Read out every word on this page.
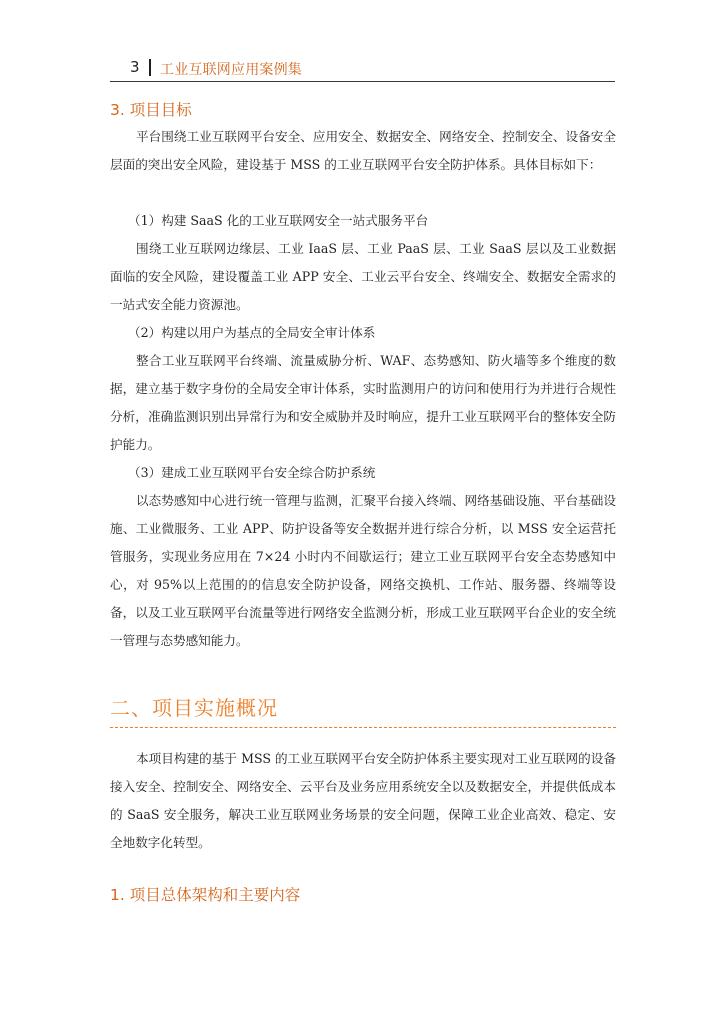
3 工业互联网应用案例集
3. 项目目标

平台围绕工业互联网平台安全、应用安全、数据安全、网络安全、控制安全、设备安全层面的突出安全风险，建设基于 MSS 的工业互联网平台安全防护体系。具体目标如下：

（1）构建 SaaS 化的工业互联网安全一站式服务平台

围绕工业互联网边缘层、工业 IaaS 层、工业 PaaS 层、工业 SaaS 层以及工业数据面临的安全风险，建设覆盖工业 APP 安全、工业云平台安全、终端安全、数据安全需求的一站式安全能力资源池。

（2）构建以用户为基点的全局安全审计体系

整合工业互联网平台终端、流量威胁分析、WAF、态势感知、防火墙等多个维度的数据，建立基于数字身份的全局安全审计体系，实时监测用户的访问和使用行为并进行合规性分析，准确监测识别出异常行为和安全威胁并及时响应，提升工业互联网平台的整体安全防护能力。

（3）建成工业互联网平台安全综合防护系统

以态势感知中心进行统一管理与监测，汇聚平台接入终端、网络基础设施、平台基础设施、工业微服务、工业 APP、防护设备等安全数据并进行综合分析，以 MSS 安全运营托管服务，实现业务应用在 7×24 小时内不间歇运行；建立工业互联网平台安全态势感知中心，对 95%以上范围的的信息安全防护设备，网络交换机、工作站、服务器、终端等设备，以及工业互联网平台流量等进行网络安全监测分析，形成工业互联网平台企业的安全统一管理与态势感知能力。

二、项目实施概况

本项目构建的基于 MSS 的工业互联网平台安全防护体系主要实现对工业互联网的设备接入安全、控制安全、网络安全、云平台及业务应用系统安全以及数据安全，并提供低成本的 SaaS 安全服务，解决工业互联网业务场景的安全问题，保障工业企业高效、稳定、安全地数字化转型。

1. 项目总体架构和主要内容
